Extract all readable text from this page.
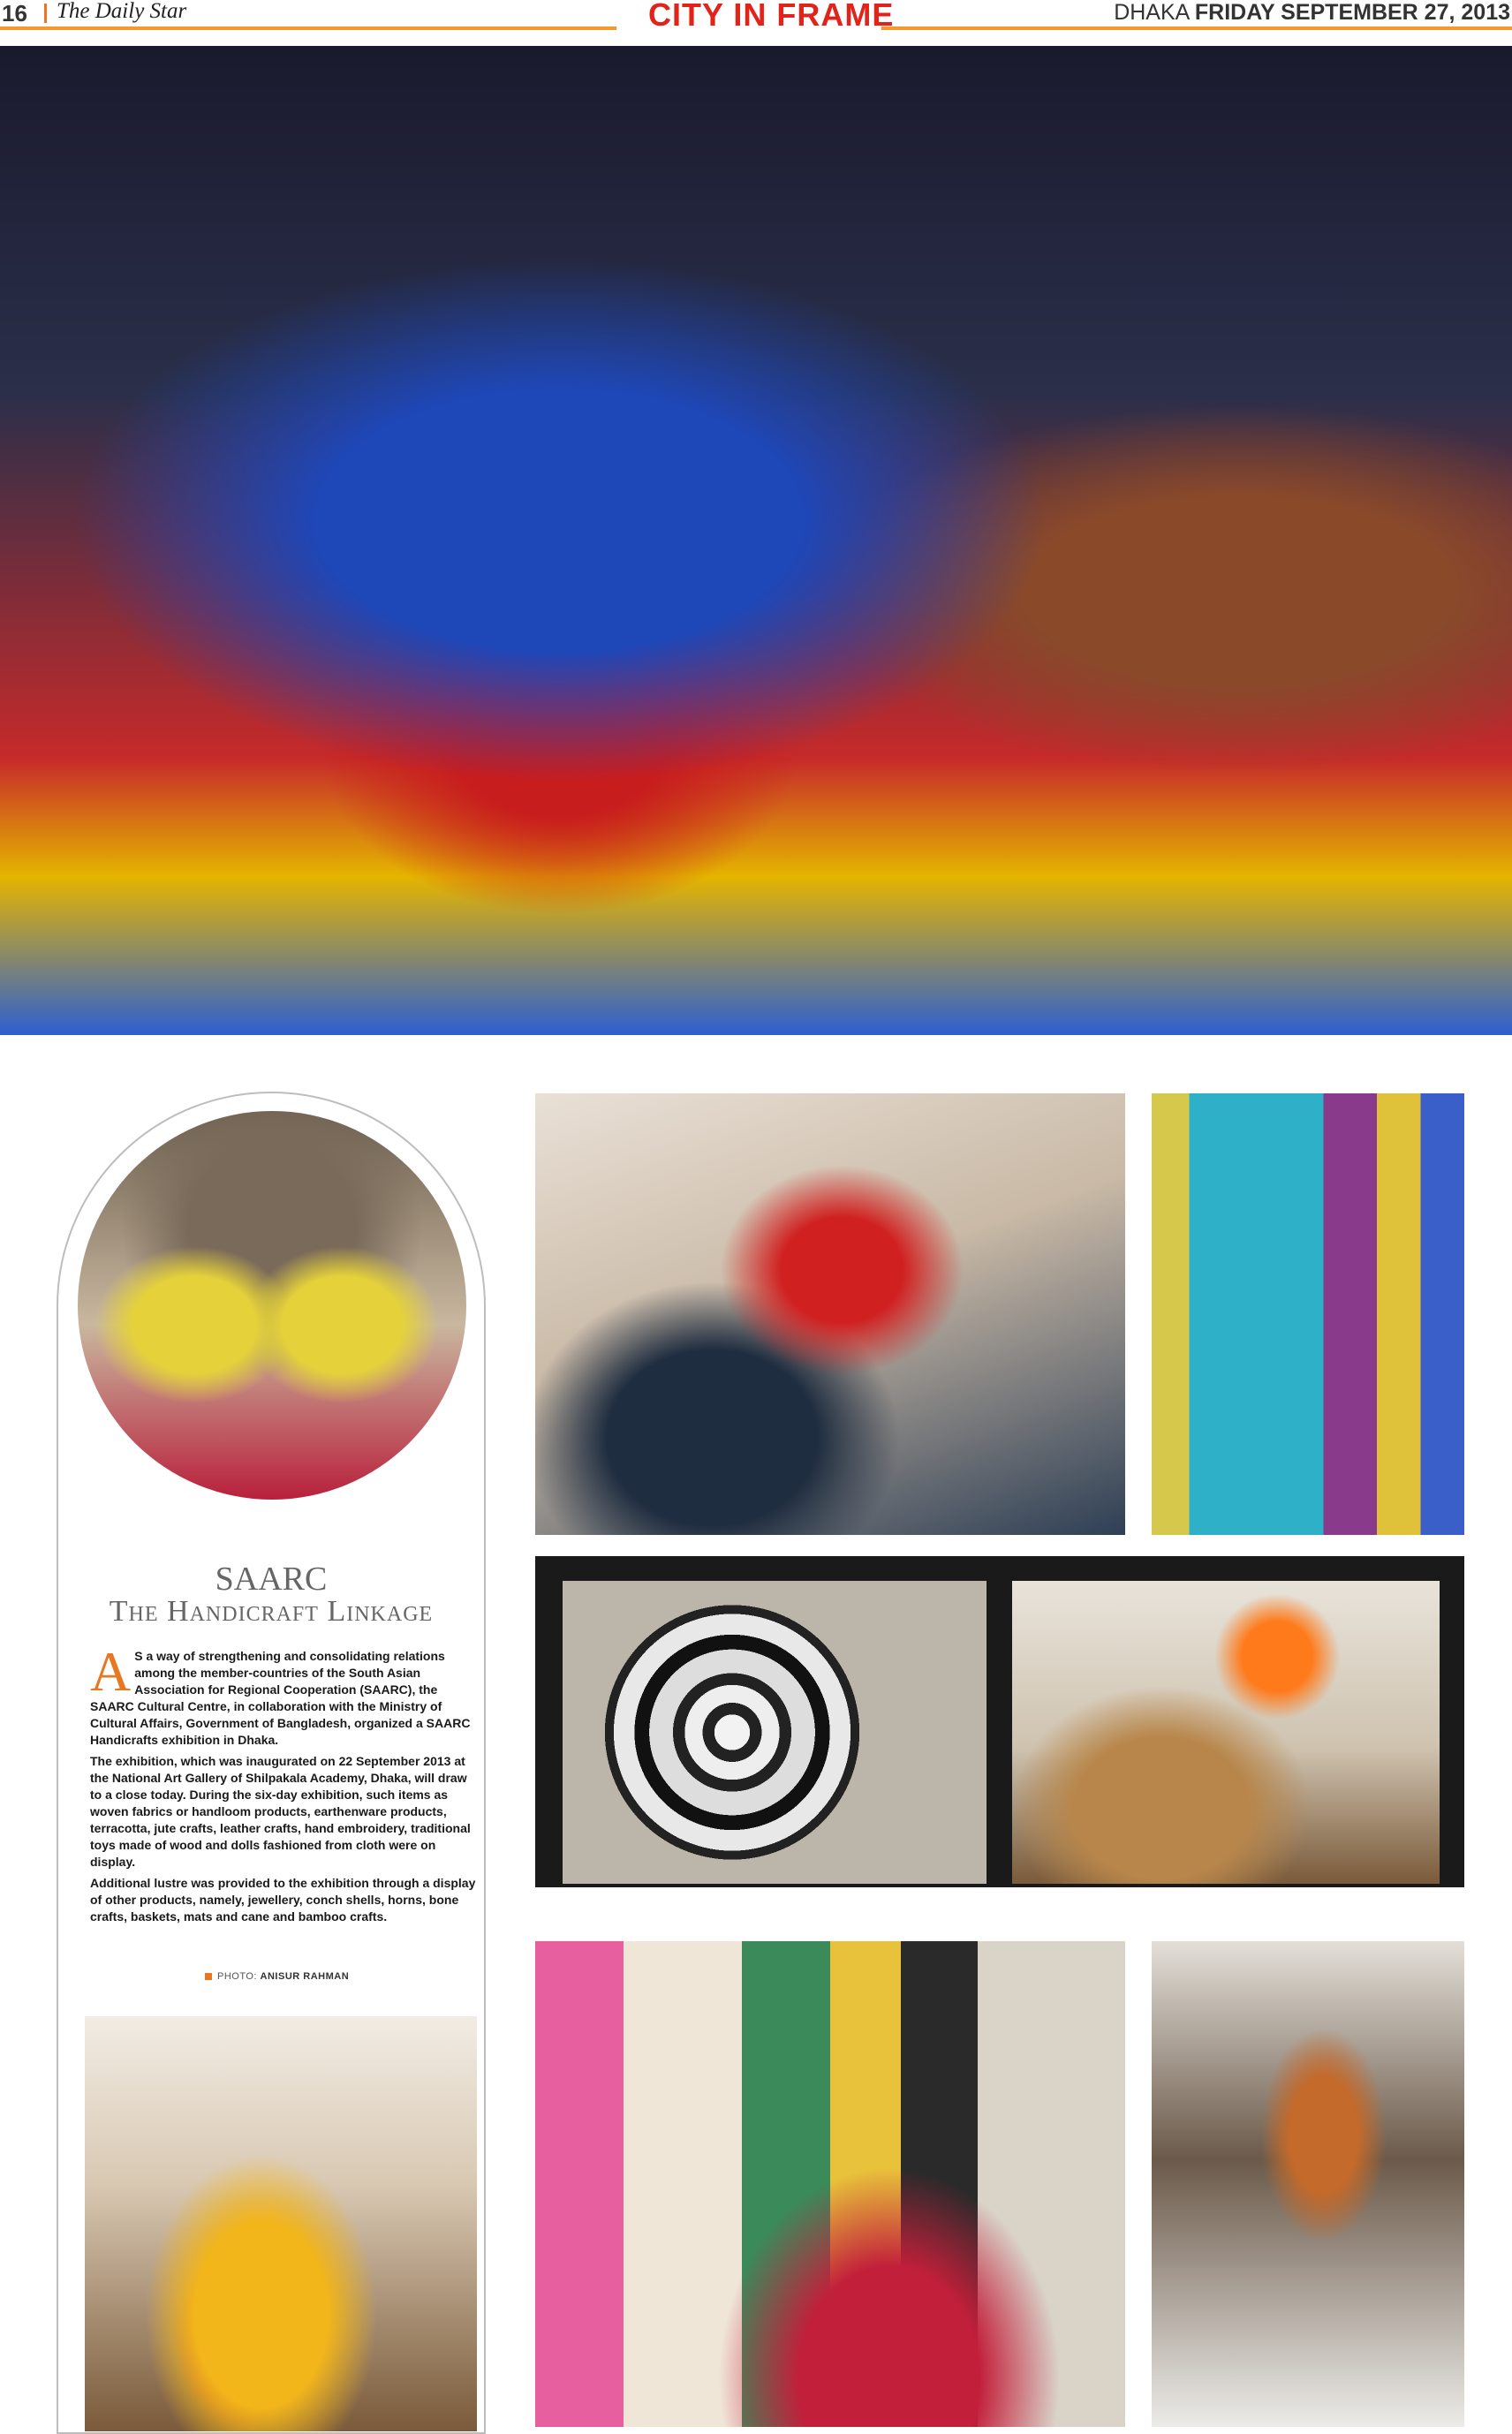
16 The Daily Star	CITY IN FRAME	DHAKA FRIDAY SEPTEMBER 27, 2013
SAARC
The Handicraft Linkage

A S a way of strengthening and consolidating relations among the member-countries of the South Asian Association for Regional Cooperation (SAARC), the SAARC Cultural Centre, in collaboration with the Ministry of Cultural Affairs, Government of Bangladesh, organized a SAARC Handicrafts exhibition in Dhaka.

The exhibition, which was inaugurated on 22 September 2013 at the National Art Gallery of Shilpakala Academy, Dhaka, will draw to a close today. During the six-day exhibition, such items as woven fabrics or handloom products, earthenware products, terracotta, jute crafts, leather crafts, hand embroidery, traditional toys made of wood and dolls fashioned from cloth were on display.

Additional lustre was provided to the exhibition through a display of other products, namely, jewellery, conch shells, horns, bone crafts, baskets, mats and cane and bamboo crafts.

PHOTO: ANISUR RAHMAN
